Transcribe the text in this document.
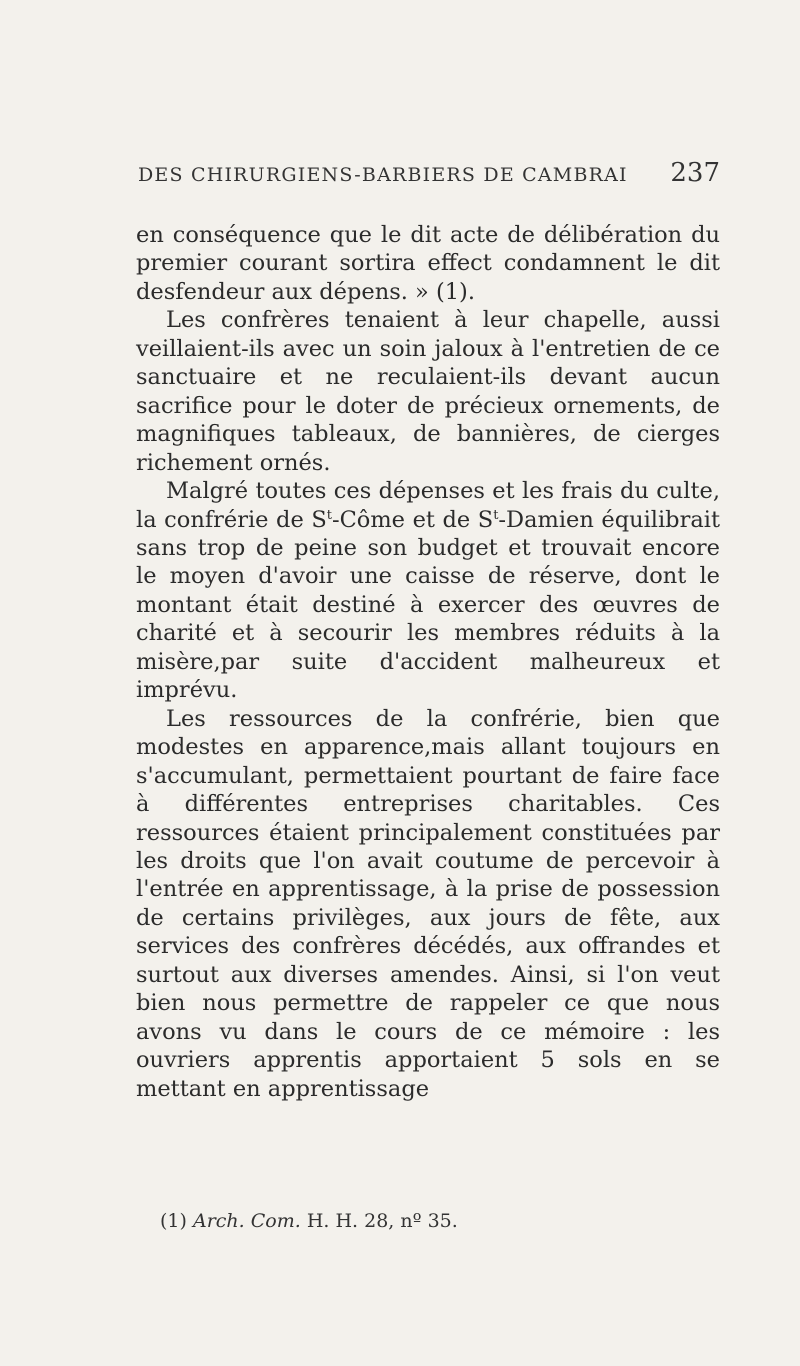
DES CHIRURGIENS-BARBIERS DE CAMBRAI 237

en conséquence que le dit acte de délibération du premier courant sortira effect condamnent le dit desfendeur aux dépens. » (1).

Les confrères tenaient à leur chapelle, aussi veillaient-ils avec un soin jaloux à l'entretien de ce sanctuaire et ne reculaient-ils devant aucun sacrifice pour le doter de précieux ornements, de magnifiques tableaux, de bannières, de cierges richement ornés.

Malgré toutes ces dépenses et les frais du culte, la confrérie de $S^t$-Côme et de $S^t$-Damien équilibrait sans trop de peine son budget et trouvait encore le moyen d'avoir une caisse de réserve, dont le montant était destiné à exercer des œuvres de charité et à secourir les membres réduits à la misère,par suite d'accident malheureux et imprévu.

Les ressources de la confrérie, bien que modestes en apparence,mais allant toujours en s'accumulant, permettaient pourtant de faire face à différentes entreprises charitables. Ces ressources étaient principalement constituées par les droits que l'on avait coutume de percevoir à l'entrée en apprentissage, à la prise de possession de certains privilèges, aux jours de fête, aux services des confrères décédés, aux offrandes et surtout aux diverses amendes. Ainsi, si l'on veut bien nous permettre de rappeler ce que nous avons vu dans le cours de ce mémoire : les ouvriers apprentis apportaient 5 sols en se mettant en apprentissage

(1) Arch. Com. H. H. 28, nº 35.
